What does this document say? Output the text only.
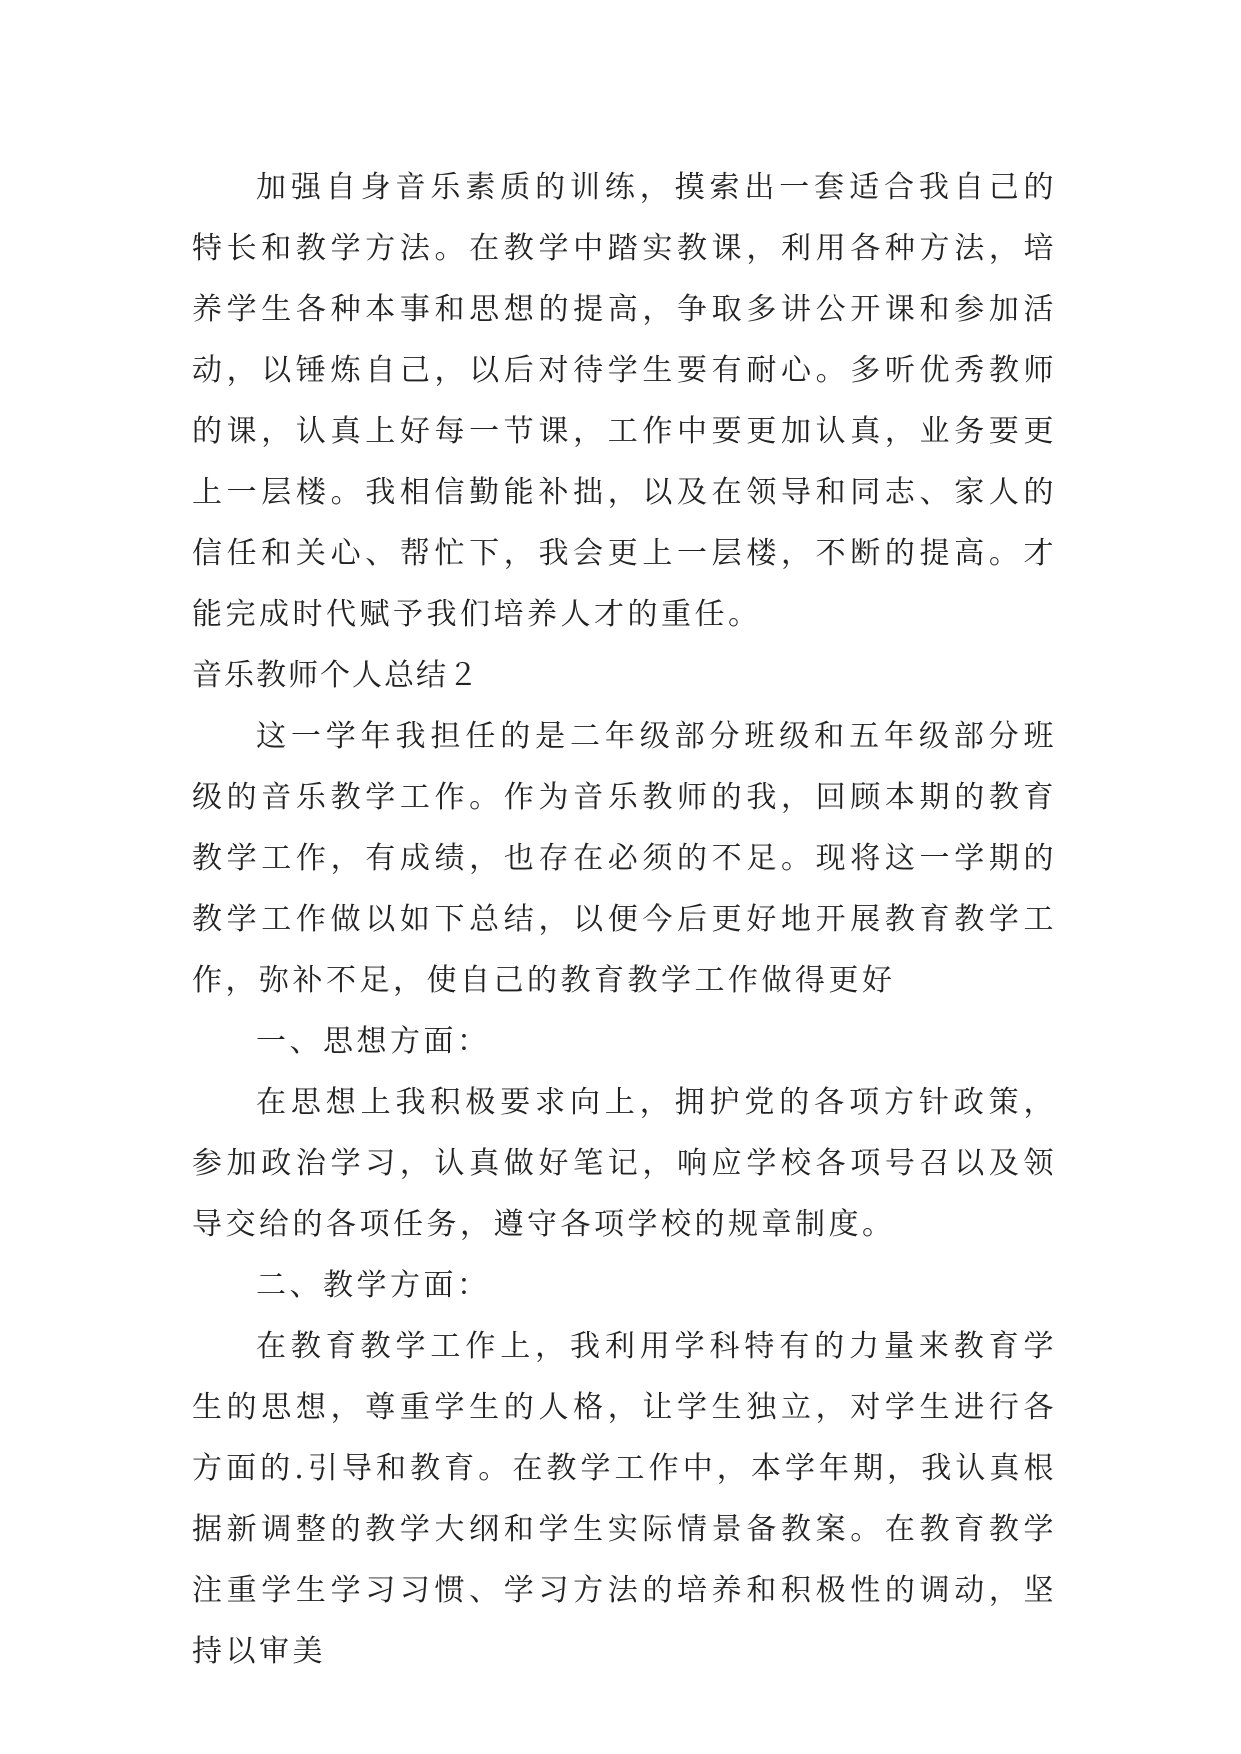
加强自身音乐素质的训练，摸索出一套适合我自己的特长和教学方法。在教学中踏实教课，利用各种方法，培养学生各种本事和思想的提高，争取多讲公开课和参加活动，以锤炼自己，以后对待学生要有耐心。多听优秀教师的课，认真上好每一节课，工作中要更加认真，业务要更上一层楼。我相信勤能补拙，以及在领导和同志、家人的信任和关心、帮忙下，我会更上一层楼，不断的提高。才能完成时代赋予我们培养人才的重任。

音乐教师个人总结２

这一学年我担任的是二年级部分班级和五年级部分班级的音乐教学工作。作为音乐教师的我，回顾本期的教育教学工作，有成绩，也存在必须的不足。现将这一学期的教学工作做以如下总结，以便今后更好地开展教育教学工作，弥补不足，使自己的教育教学工作做得更好

一、思想方面：

在思想上我积极要求向上，拥护党的各项方针政策，参加政治学习，认真做好笔记，响应学校各项号召以及领导交给的各项任务，遵守各项学校的规章制度。

二、教学方面：

在教育教学工作上，我利用学科特有的力量来教育学生的思想，尊重学生的人格，让学生独立，对学生进行各方面的.引导和教育。在教学工作中，本学年期，我认真根据新调整的教学大纲和学生实际情景备教案。在教育教学注重学生学习习惯、学习方法的培养和积极性的调动，坚持以审美
